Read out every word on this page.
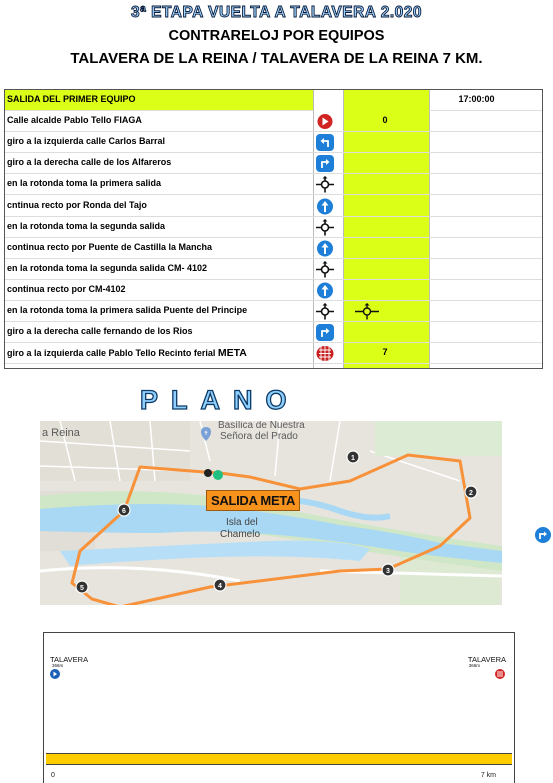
3ª ETAPA VUELTA A TALAVERA 2.020
CONTRARELOJ POR EQUIPOS
TALAVERA DE LA REINA / TALAVERA DE LA REINA 7 KM.
SALIDA DEL PRIMER EQUIPO	17:00:00
Calle alcalde Pablo Tello FIAGA	0
giro a la izquierda calle Carlos Barral
giro a la derecha calle de los Alfareros
en la rotonda toma la primera salida
cntinua recto por Ronda del Tajo
en la rotonda toma la segunda salida
continua recto por Puente de Castilla la Mancha
en la rotonda toma la segunda salida CM- 4102
continua recto por CM-4102
en la rotonda toma la primera salida Puente del Principe
giro a la derecha calle fernando de los Rios
giro a la izquierda calle Pablo Tello Recinto ferial META	7
PLANO
1
2
3
4
5
6
✝
a Reina
Basílica de Nuestra
Señora del Prado
Isla del
Chamelo
SALIDA META
TALAVERA
366m
TALAVERA
366m
0	7 km
